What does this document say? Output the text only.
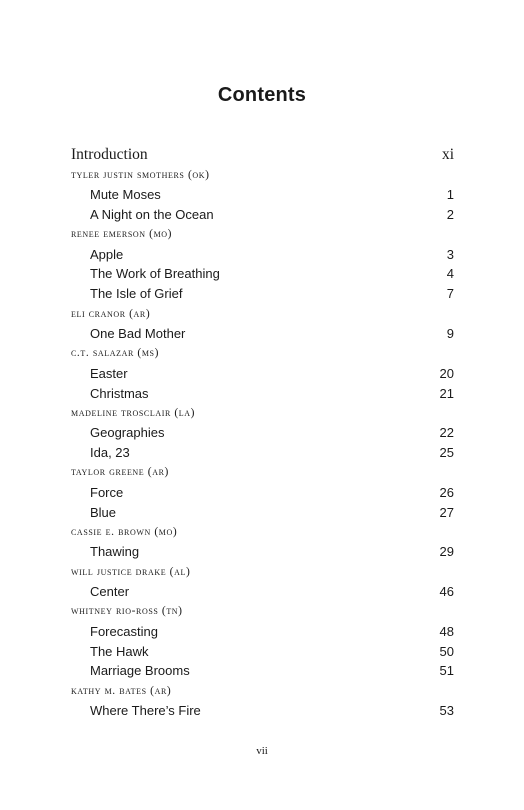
Contents
Introduction	xi
tyler justin smothers (ok)
Mute Moses	1
A Night on the Ocean	2
renee emerson (mo)
Apple	3
The Work of Breathing	4
The Isle of Grief	7
eli cranor (ar)
One Bad Mother	9
c.t. salazar (ms)
Easter	20
Christmas	21
madeline trosclair (la)
Geographies	22
Ida, 23	25
taylor greene (ar)
Force	26
Blue	27
cassie e. brown (mo)
Thawing	29
will justice drake (al)
Center	46
whitney rio-ross (tn)
Forecasting	48
The Hawk	50
Marriage Brooms	51
kathy m. bates (ar)
Where There’s Fire	53
vii
